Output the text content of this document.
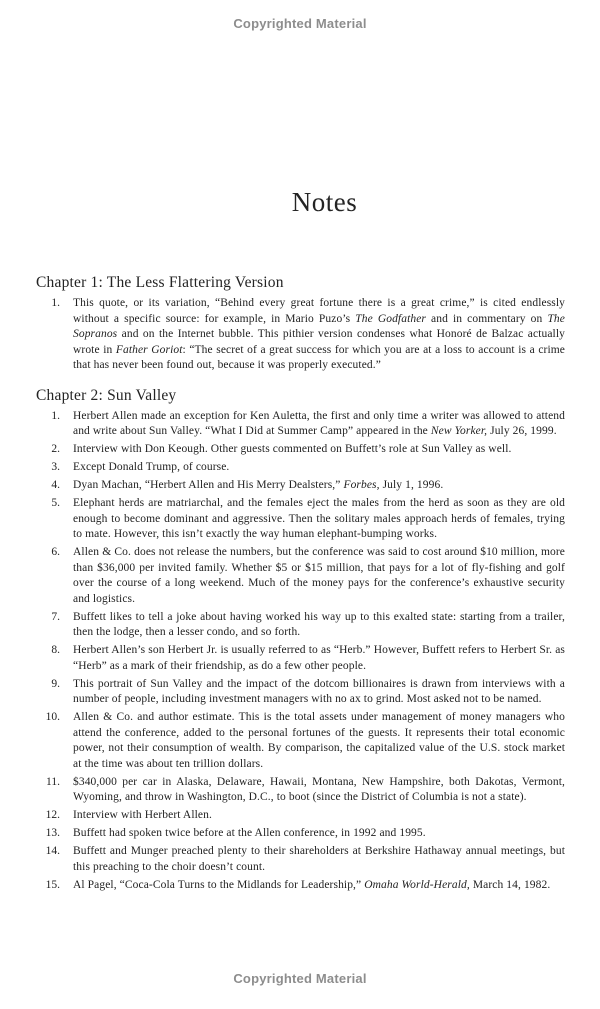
Copyrighted Material
Notes
Chapter 1: The Less Flattering Version
1. This quote, or its variation, “Behind every great fortune there is a great crime,” is cited endlessly without a specific source: for example, in Mario Puzo’s The Godfather and in commentary on The Sopranos and on the Internet bubble. This pithier version condenses what Honoré de Balzac actually wrote in Father Goriot: “The secret of a great success for which you are at a loss to account is a crime that has never been found out, because it was properly executed.”
Chapter 2: Sun Valley
1. Herbert Allen made an exception for Ken Auletta, the first and only time a writer was allowed to attend and write about Sun Valley. “What I Did at Summer Camp” appeared in the New Yorker, July 26, 1999.
2. Interview with Don Keough. Other guests commented on Buffett’s role at Sun Valley as well.
3. Except Donald Trump, of course.
4. Dyan Machan, “Herbert Allen and His Merry Dealsters,” Forbes, July 1, 1996.
5. Elephant herds are matriarchal, and the females eject the males from the herd as soon as they are old enough to become dominant and aggressive. Then the solitary males approach herds of females, trying to mate. However, this isn’t exactly the way human elephant-bumping works.
6. Allen & Co. does not release the numbers, but the conference was said to cost around $10 million, more than $36,000 per invited family. Whether $5 or $15 million, that pays for a lot of fly-fishing and golf over the course of a long weekend. Much of the money pays for the conference’s exhaustive security and logistics.
7. Buffett likes to tell a joke about having worked his way up to this exalted state: starting from a trailer, then the lodge, then a lesser condo, and so forth.
8. Herbert Allen’s son Herbert Jr. is usually referred to as “Herb.” However, Buffett refers to Herbert Sr. as “Herb” as a mark of their friendship, as do a few other people.
9. This portrait of Sun Valley and the impact of the dotcom billionaires is drawn from interviews with a number of people, including investment managers with no ax to grind. Most asked not to be named.
10. Allen & Co. and author estimate. This is the total assets under management of money managers who attend the conference, added to the personal fortunes of the guests. It represents their total economic power, not their consumption of wealth. By comparison, the capitalized value of the U.S. stock market at the time was about ten trillion dollars.
11. $340,000 per car in Alaska, Delaware, Hawaii, Montana, New Hampshire, both Dakotas, Vermont, Wyoming, and throw in Washington, D.C., to boot (since the District of Columbia is not a state).
12. Interview with Herbert Allen.
13. Buffett had spoken twice before at the Allen conference, in 1992 and 1995.
14. Buffett and Munger preached plenty to their shareholders at Berkshire Hathaway annual meetings, but this preaching to the choir doesn’t count.
15. Al Pagel, “Coca-Cola Turns to the Midlands for Leadership,” Omaha World-Herald, March 14, 1982.
Copyrighted Material
